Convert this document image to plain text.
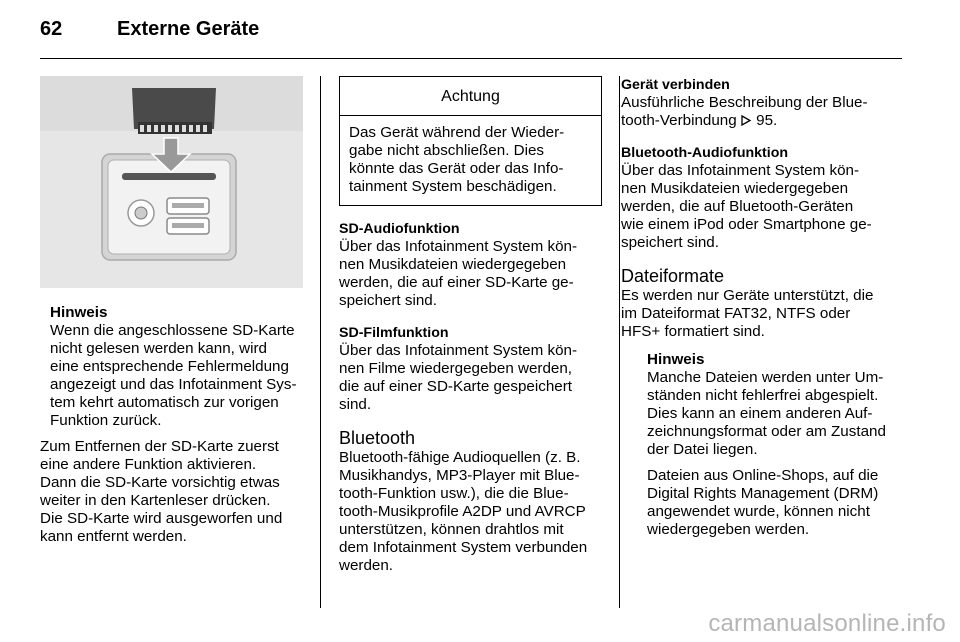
62	Externe Geräte
Hinweis
Wenn die angeschlossene SD-Karte
nicht gelesen werden kann, wird
eine entsprechende Fehlermeldung
angezeigt und das Infotainment Sys-
tem kehrt automatisch zur vorigen
Funktion zurück.
Zum Entfernen der SD-Karte zuerst
eine andere Funktion aktivieren.
Dann die SD-Karte vorsichtig etwas
weiter in den Kartenleser drücken.
Die SD-Karte wird ausgeworfen und
kann entfernt werden.
Achtung
Das Gerät während der Wieder-
gabe nicht abschließen. Dies
könnte das Gerät oder das Info-
tainment System beschädigen.
SD-Audiofunktion
Über das Infotainment System kön-
nen Musikdateien wiedergegeben
werden, die auf einer SD-Karte ge-
speichert sind.
SD-Filmfunktion
Über das Infotainment System kön-
nen Filme wiedergegeben werden,
die auf einer SD-Karte gespeichert
sind.
Bluetooth
Bluetooth-fähige Audioquellen (z. B.
Musikhandys, MP3-Player mit Blue-
tooth-Funktion usw.), die die Blue-
tooth-Musikprofile A2DP und AVRCP
unterstützen, können drahtlos mit
dem Infotainment System verbunden
werden.
Gerät verbinden
Ausführliche Beschreibung der Blue-
tooth-Verbindung  95.
Bluetooth-Audiofunktion
Über das Infotainment System kön-
nen Musikdateien wiedergegeben
werden, die auf Bluetooth-Geräten
wie einem iPod oder Smartphone ge-
speichert sind.
Dateiformate
Es werden nur Geräte unterstützt, die
im Dateiformat FAT32, NTFS oder
HFS+ formatiert sind.
Hinweis
Manche Dateien werden unter Um-
ständen nicht fehlerfrei abgespielt.
Dies kann an einem anderen Auf-
zeichnungsformat oder am Zustand
der Datei liegen.
Dateien aus Online-Shops, auf die
Digital Rights Management (DRM)
angewendet wurde, können nicht
wiedergegeben werden.
carmanualsonline.info
